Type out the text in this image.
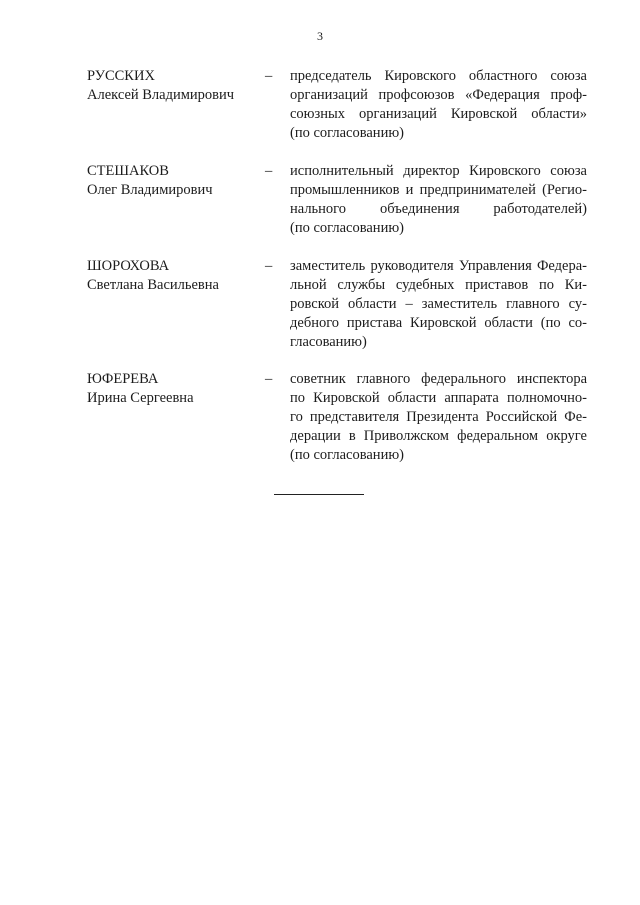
3
РУССКИХ
Алексей Владимирович
– председатель Кировского областного союза
организаций профсоюзов «Федерация проф-
союзных организаций Кировской области»
(по согласованию)
СТЕШАКОВ
Олег Владимирович
– исполнительный директор Кировского союза
промышленников и предпринимателей (Регио-
нального объединения работодателей)
(по согласованию)
ШОРОХОВА
Светлана Васильевна
– заместитель руководителя Управления Федера-
льной службы судебных приставов по Ки-
ровской области – заместитель главного су-
дебного пристава Кировской области (по со-
гласованию)
ЮФЕРЕВА
Ирина Сергеевна
– советник главного федерального инспектора
по Кировской области аппарата полномочно-
го представителя Президента Российской Фе-
дерации в Приволжском федеральном округе
(по согласованию)
